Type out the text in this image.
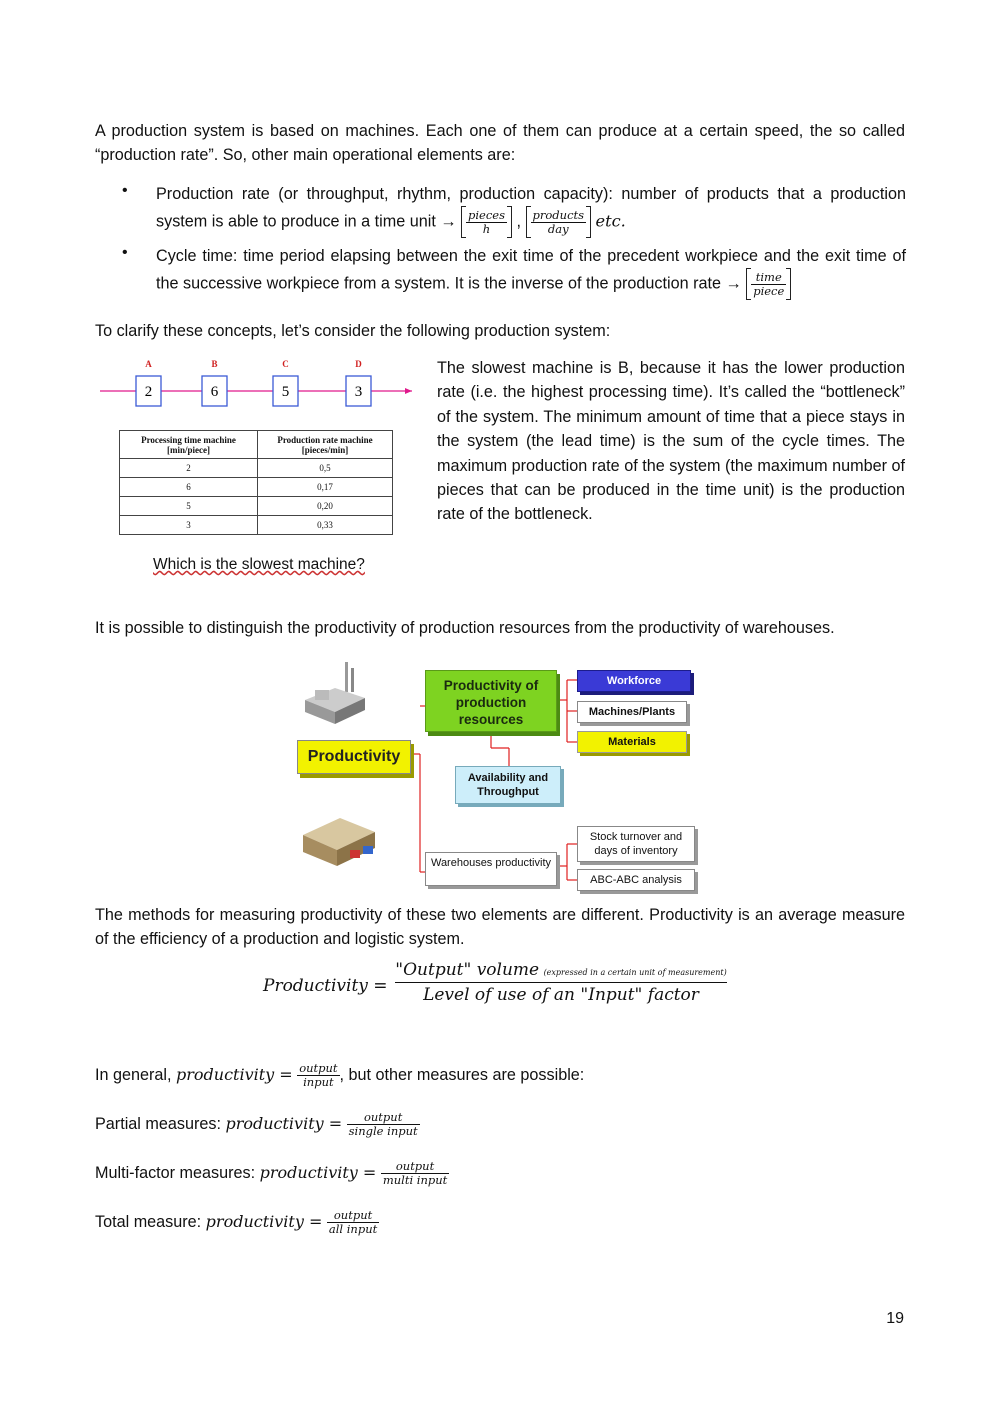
A production system is based on machines. Each one of them can produce at a certain speed, the so called “production rate”. So, other main operational elements are:

• Production rate (or throughput, rhythm, production capacity): number of products that a production system is able to produce in a time unit → $\frac{\text{pieces}}{h}$ , $\frac{\text{products}}{\text{day}}$ etc.
• Cycle time: time period elapsing between the exit time of the precedent workpiece and the exit time of the successive workpiece from a system. It is the inverse of the production rate → $\frac{\text{time}}{\text{piece}}$

To clarify these concepts, let’s consider the following production system:

A
2
B
6
C
5
D
3
Processing time machine [min/piece]	Production rate machine [pieces/min]
2	0,5
6	0,17
5	0,20
3	0,33
Which is the slowest machine?

The slowest machine is B, because it has the lower production rate (i.e. the highest processing time). It’s called the “bottleneck” of the system. The minimum amount of time that a piece stays in the system (the lead time) is the sum of the cycle times. The maximum production rate of the system (the maximum number of pieces that can be produced in the time unit) is the production rate of the bottleneck.

It is possible to distinguish the productivity of production resources from the productivity of warehouses.

Productivity
Productivity of production resources
Workforce
Machines/Plants
Materials
Availability and Throughput
Warehouses productivity
Stock turnover and days of inventory
ABC-ABC analysis

The methods for measuring productivity of these two elements are different. Productivity is an average measure of the efficiency of a production and logistic system.

Productivity =
"Output" volume (expressed in a certain unit of measurement)
Level of use of an "Input" factor
In general, productivity = $\frac{\text{output}}{\text{input}}$ , but other measures are possible:
Partial measures: productivity = $\frac{\text{output}}{\text{single input}}$
Multi-factor measures: productivity = $\frac{\text{output}}{\text{multi input}}$
Total measure: productivity = $\frac{\text{output}}{\text{all input}}$
19
